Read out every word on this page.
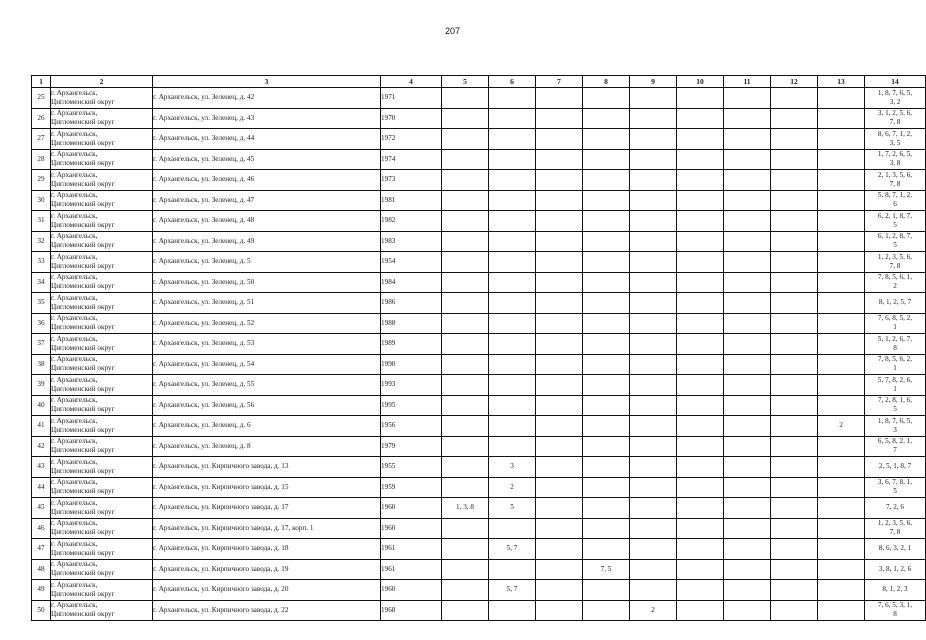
207
1	2	3	4	5	6	7	8	9	10	11	12	13	14
25	г. Архангельск,
Цигломенский округ	г. Архангельск, ул. Зеленец, д. 42	1971										1, 8, 7, 6, 5,
3, 2

26	г. Архангельск,
Цигломенский округ	г. Архангельск, ул. Зеленец, д. 43	1970										3, 1, 2, 5, 6,
7, 8

27	г. Архангельск,
Цигломенский округ	г. Архангельск, ул. Зеленец, д. 44	1972										8, 6, 7, 1, 2,
3, 5

28	г. Архангельск,
Цигломенский округ	г. Архангельск, ул. Зеленец, д. 45	1974										1, 7, 2, 6, 5,
3, 8

29	г. Архангельск,
Цигломенский округ	г. Архангельск, ул. Зеленец, д. 46	1973										2, 1, 3, 5, 6,
7, 8

30	г. Архангельск,
Цигломенский округ	г. Архангельск, ул. Зеленец, д. 47	1981										5, 8, 7, 1, 2,
6

31	г. Архангельск,
Цигломенский округ	г. Архангельск, ул. Зеленец, д. 48	1982										6, 2, 1, 8, 7,
5

32	г. Архангельск,
Цигломенский округ	г. Архангельск, ул. Зеленец, д. 49	1983										6, 1, 2, 8, 7,
5

33	г. Архангельск,
Цигломенский округ	г. Архангельск, ул. Зеленец, д. 5	1954										1, 2, 3, 5, 6,
7, 8

34	г. Архангельск,
Цигломенский округ	г. Архангельск, ул. Зеленец, д. 50	1984										7, 8, 5, 6, 1,
2

35	г. Архангельск,
Цигломенский округ	г. Архангельск, ул. Зеленец, д. 51	1986										8, 1, 2, 5, 7

36	г. Архангельск,
Цигломенский округ	г. Архангельск, ул. Зеленец, д. 52	1988										7, 6, 8, 5, 2,
1

37	г. Архангельск,
Цигломенский округ	г. Архангельск, ул. Зеленец, д. 53	1989										5, 1, 2, 6, 7,
8

38	г. Архангельск,
Цигломенский округ	г. Архангельск, ул. Зеленец, д. 54	1990										7, 8, 5, 6, 2,
1

39	г. Архангельск,
Цигломенский округ	г. Архангельск, ул. Зеленец, д. 55	1993										5, 7, 8, 2, 6,
1

40	г. Архангельск,
Цигломенский округ	г. Архангельск, ул. Зеленец, д. 56	1995										7, 2, 8, 1, 6,
5

41	г. Архангельск,
Цигломенский округ	г. Архангельск, ул. Зеленец, д. 6	1956									2	1, 8, 7, 6, 5,
3

42	г. Архангельск,
Цигломенский округ	г. Архангельск, ул. Зеленец, д. 8	1979										6, 5, 8, 2, 1,
7

43	г. Архангельск,
Цигломенский округ	г. Архангельск, ул. Кирпичного завода, д. 13	1955		3								2, 5, 1, 8, 7

44	г. Архангельск,
Цигломенский округ	г. Архангельск, ул. Кирпичного завода, д. 15	1959		2								3, 6, 7, 8, 1,
5

45	г. Архангельск,
Цигломенский округ	г. Архангельск, ул. Кирпичного завода, д. 17	1960	1, 3, 8	5								7, 2, 6

46	г. Архангельск,
Цигломенский округ	г. Архангельск, ул. Кирпичного завода, д. 17, корп. 1	1960										1, 2, 3, 5, 6,
7, 8

47	г. Архангельск,
Цигломенский округ	г. Архангельск, ул. Кирпичного завода, д. 18	1961		5, 7								8, 6, 3, 2, 1

48	г. Архангельск,
Цигломенский округ	г. Архангельск, ул. Кирпичного завода, д. 19	1961				7, 5						3, 8, 1, 2, 6

49	г. Архангельск,
Цигломенский округ	г. Архангельск, ул. Кирпичного завода, д. 20	1960		5, 7								8, 1, 2, 3

50	г. Архангельск,
Цигломенский округ	г. Архангельск, ул. Кирпичного завода, д. 22	1968					2					7, 6, 5, 3, 1,
8
